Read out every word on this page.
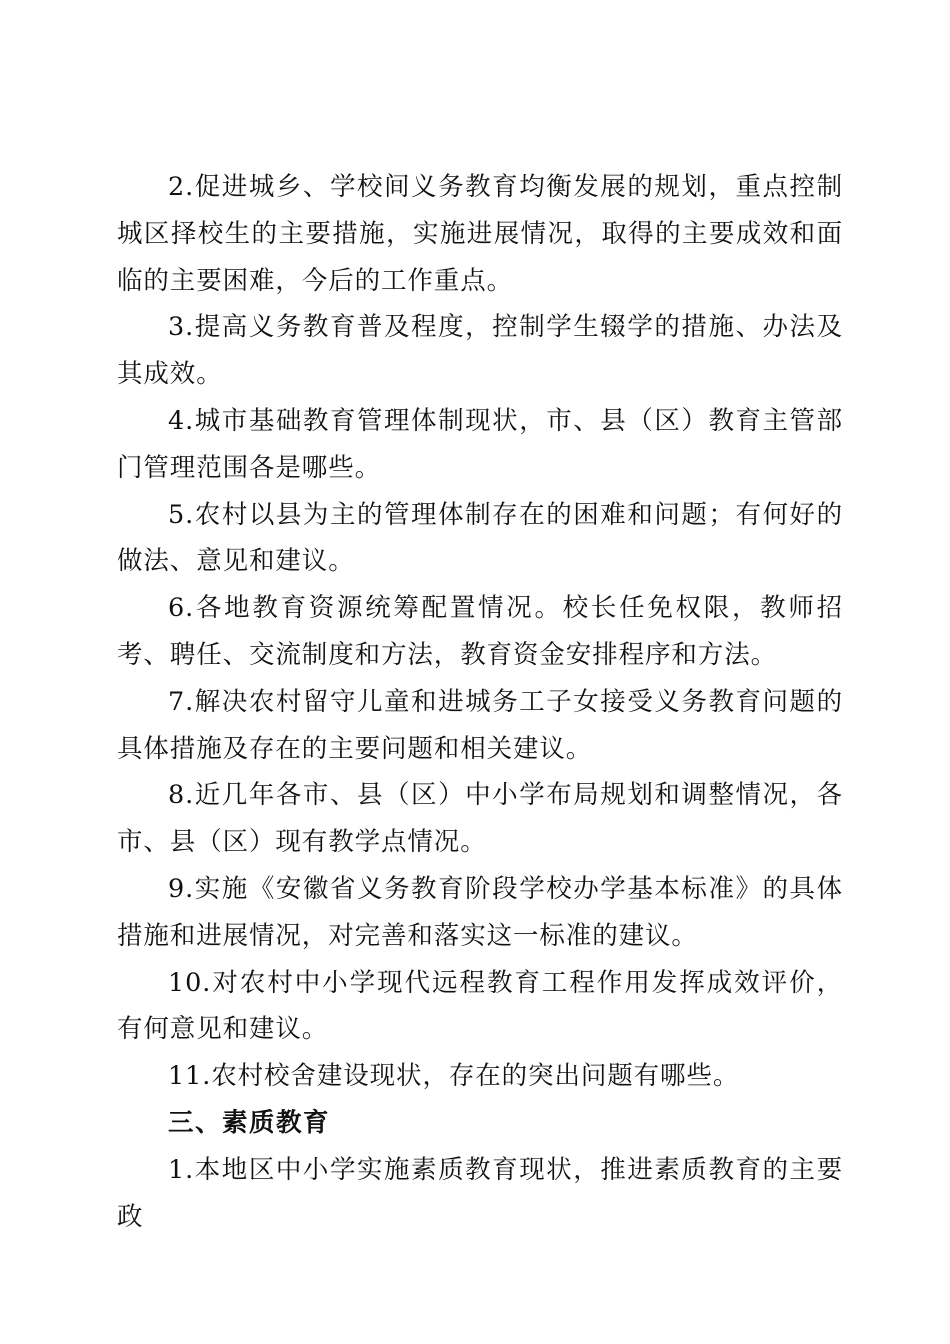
2.促进城乡、学校间义务教育均衡发展的规划，重点控制城区择校生的主要措施，实施进展情况，取得的主要成效和面临的主要困难，今后的工作重点。

3.提高义务教育普及程度，控制学生辍学的措施、办法及其成效。

4.城市基础教育管理体制现状，市、县（区）教育主管部门管理范围各是哪些。

5.农村以县为主的管理体制存在的困难和问题；有何好的做法、意见和建议。

6.各地教育资源统筹配置情况。校长任免权限，教师招考、聘任、交流制度和方法，教育资金安排程序和方法。

7.解决农村留守儿童和进城务工子女接受义务教育问题的具体措施及存在的主要问题和相关建议。

8.近几年各市、县（区）中小学布局规划和调整情况，各市、县（区）现有教学点情况。

9.实施《安徽省义务教育阶段学校办学基本标准》的具体措施和进展情况，对完善和落实这一标准的建议。

10.对农村中小学现代远程教育工程作用发挥成效评价，有何意见和建议。

11.农村校舍建设现状，存在的突出问题有哪些。

三、素质教育

1.本地区中小学实施素质教育现状，推进素质教育的主要政
